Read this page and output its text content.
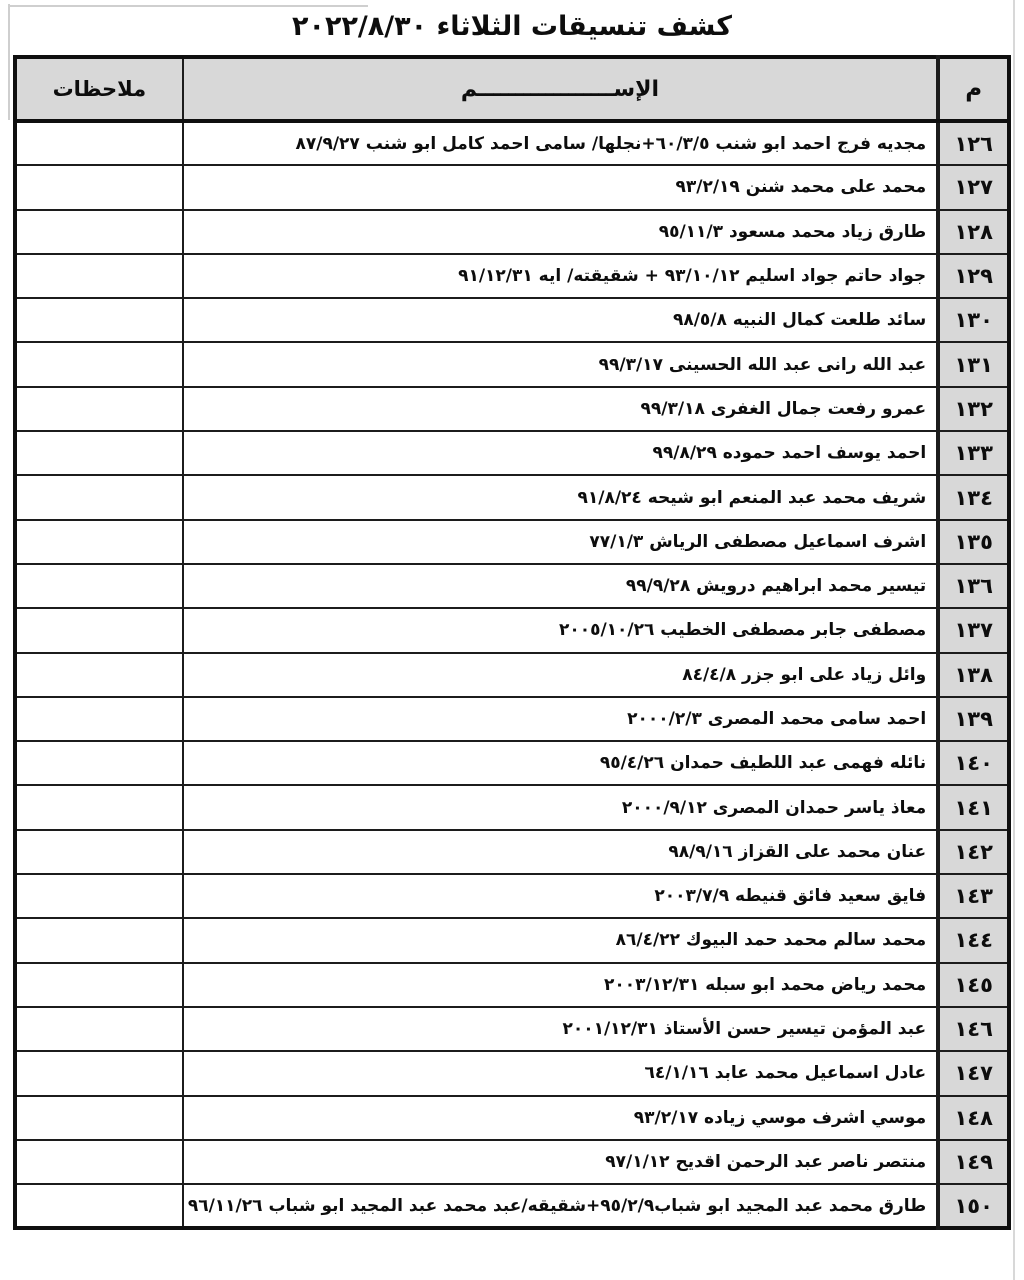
كشف تنسيقات الثلاثاء ٢٠٢٢/٨/٣٠
م	الإســــــــــــــــــم	ملاحظات
١٢٦	مجديه فرج احمد ابو شنب ٦٠/٣/٥+نجلها/ سامى احمد كامل ابو شنب ٨٧/٩/٢٧	
١٢٧	محمد على محمد شنن ٩٣/٢/١٩	
١٢٨	طارق زياد محمد مسعود ٩٥/١١/٣	
١٢٩	جواد حاتم جواد اسليم ٩٣/١٠/١٢ + شقيقته/ ايه ٩١/١٢/٣١	
١٣٠	سائد طلعت كمال النبيه ٩٨/٥/٨	
١٣١	عبد الله رانى عبد الله الحسينى ٩٩/٣/١٧	
١٣٢	عمرو رفعت جمال الغفرى ٩٩/٣/١٨	
١٣٣	احمد يوسف احمد حموده ٩٩/٨/٢٩	
١٣٤	شريف محمد عبد المنعم ابو شيحه ٩١/٨/٢٤	
١٣٥	اشرف اسماعيل مصطفى الرياش ٧٧/١/٣	
١٣٦	تيسير محمد ابراهيم درويش ٩٩/٩/٢٨	
١٣٧	مصطفى جابر مصطفى الخطيب ٢٠٠٥/١٠/٢٦	
١٣٨	وائل زياد على ابو جزر ٨٤/٤/٨	
١٣٩	احمد سامى محمد المصرى ٢٠٠٠/٢/٣	
١٤٠	نائله فهمى عبد اللطيف حمدان ٩٥/٤/٢٦	
١٤١	معاذ ياسر حمدان المصرى ٢٠٠٠/٩/١٢	
١٤٢	عنان محمد على القزاز ٩٨/٩/١٦	
١٤٣	فايق سعيد فائق قنيطه ٢٠٠٣/٧/٩	
١٤٤	محمد سالم محمد حمد البيوك ٨٦/٤/٢٢	
١٤٥	محمد رياض محمد ابو سبله ٢٠٠٣/١٢/٣١	
١٤٦	عبد المؤمن تيسير حسن الأستاذ ٢٠٠١/١٢/٣١	
١٤٧	عادل اسماعيل محمد عابد ٦٤/١/١٦	
١٤٨	موسي اشرف موسي زياده ٩٣/٢/١٧	
١٤٩	منتصر ناصر عبد الرحمن اقديح ٩٧/١/١٢	
١٥٠	طارق محمد عبد المجيد ابو شباب٩٥/٢/٩+شقيقه/عبد محمد عبد المجيد ابو شباب ٩٦/١١/٢٦	
